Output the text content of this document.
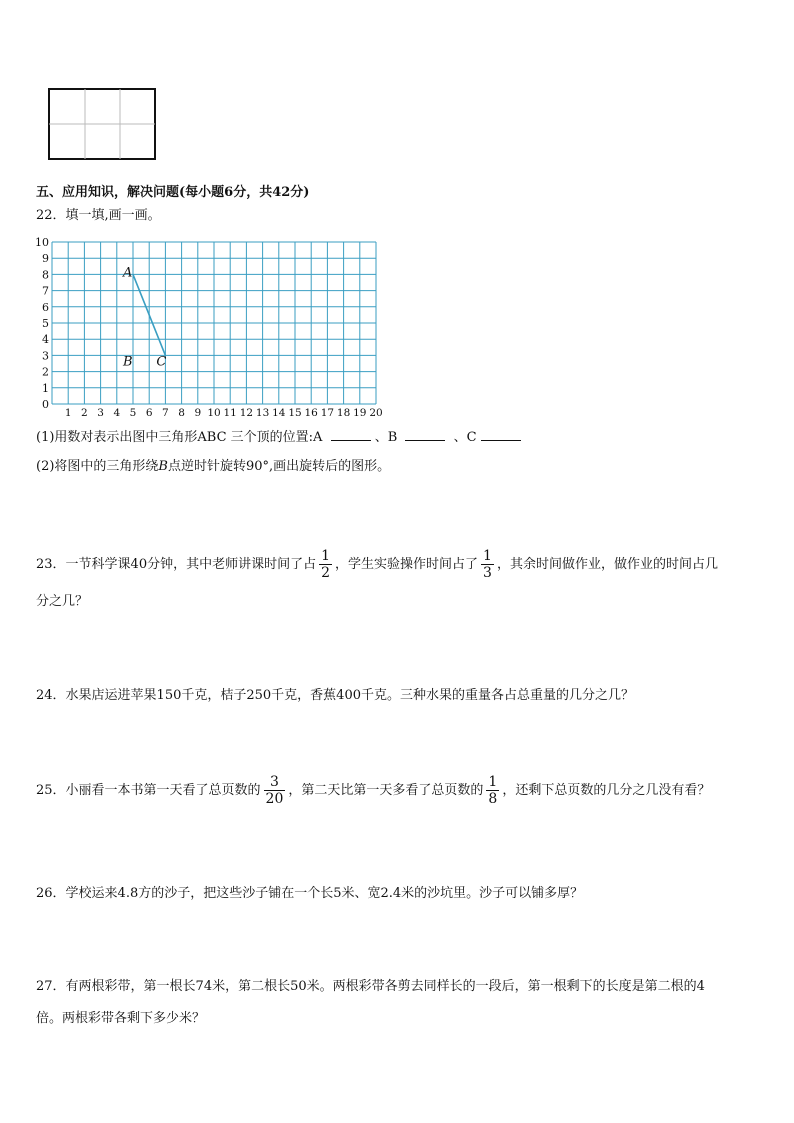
五、应用知识，解决问题(每小题6分，共42分)
22．填一填,画一画。
0
1
2
3
4
5
6
7
8
9
10
1 2 3 4 5 6 7 8 9 10 11 12 13 14 15 16 17 18 19 20
A
B C
(1)用数对表示出图中三角形ABC 三个顶的位置:A	、B	、C
(2)将图中的三角形绕B点逆时针旋转90°,画出旋转后的图形。
23．一节科学课40分钟，其中老师讲课时间了占 $\frac{1}{2}$ ，学生实验操作时间占了 $\frac{1}{3}$ ，其余时间做作业，做作业的时间占几
分之几？
24．水果店运进苹果150千克，桔子250千克，香蕉400千克。三种水果的重量各占总重量的几分之几？
25．小丽看一本书第一天看了总页数的 $\frac{3}{20}$ ，第二天比第一天多看了总页数的 $\frac{1}{8}$ ，还剩下总页数的几分之几没有看？
26．学校运来4.8方的沙子，把这些沙子铺在一个长5米、宽2.4米的沙坑里。沙子可以铺多厚？
27．有两根彩带，第一根长74米，第二根长50米。两根彩带各剪去同样长的一段后，第一根剩下的长度是第二根的4
倍。两根彩带各剩下多少米？
